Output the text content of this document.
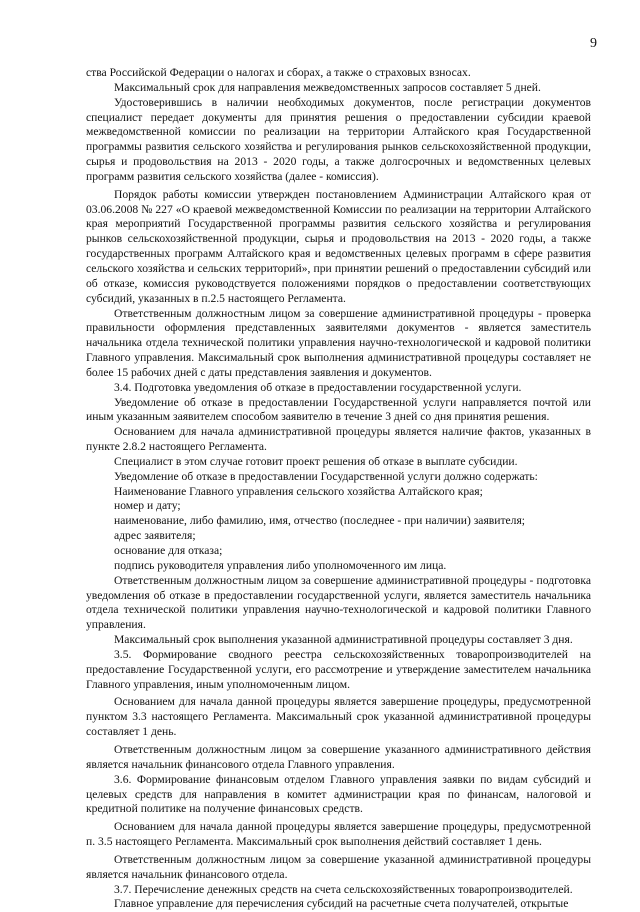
9

ства Российской Федерации о налогах и сборах, а также о страховых взносах.

Максимальный срок для направления межведомственных запросов составляет 5 дней.

Удостоверившись в наличии необходимых документов, после регистрации документов специалист передает документы для принятия решения о предоставлении субсидии краевой межведомственной комиссии по реализации на территории Алтайского края Государственной программы развития сельского хозяйства и регулирования рынков сельскохозяйственной продукции, сырья и продовольствия на 2013 - 2020 годы, а также долгосрочных и ведомственных целевых программ развития сельского хозяйства (далее - комиссия).

Порядок работы комиссии утвержден постановлением Администрации Алтайского края от 03.06.2008 № 227 «О краевой межведомственной Комиссии по реализации на территории Алтайского края мероприятий Государственной программы развития сельского хозяйства и регулирования рынков сельскохозяйственной продукции, сырья и продовольствия на 2013 - 2020 годы, а также государственных программ Алтайского края и ведомственных целевых программ в сфере развития сельского хозяйства и сельских территорий», при принятии решений о предоставлении субсидий или об отказе, комиссия руководствуется положениями порядков о предоставлении соответствующих субсидий, указанных в п.2.5 настоящего Регламента.

Ответственным должностным лицом за совершение административной процедуры - проверка правильности оформления представленных заявителями документов - является заместитель начальника отдела технической политики управления научно-технологической и кадровой политики Главного управления. Максимальный срок выполнения административной процедуры составляет не более 15 рабочих дней с даты представления заявления и документов.

3.4. Подготовка уведомления об отказе в предоставлении государственной услуги.

Уведомление об отказе в предоставлении Государственной услуги направляется почтой или иным указанным заявителем способом заявителю в течение 3 дней со дня принятия решения.

Основанием для начала административной процедуры является наличие фактов, указанных в пункте 2.8.2 настоящего Регламента.

Специалист в этом случае готовит проект решения об отказе в выплате субсидии.

Уведомление об отказе в предоставлении Государственной услуги должно содержать:

Наименование Главного управления сельского хозяйства Алтайского края;

номер и дату;

наименование, либо фамилию, имя, отчество (последнее - при наличии) заявителя;

адрес заявителя;

основание для отказа;

подпись руководителя управления либо уполномоченного им лица.

Ответственным должностным лицом за совершение административной процедуры - подготовка уведомления об отказе в предоставлении государственной услуги, является заместитель начальника отдела технической политики управления научно-технологической и кадровой политики Главного управления.

Максимальный срок выполнения указанной административной процедуры составляет 3 дня.

3.5. Формирование сводного реестра сельскохозяйственных товаропроизводителей на предоставление Государственной услуги, его рассмотрение и утверждение заместителем начальника Главного управления, иным уполномоченным лицом.

Основанием для начала данной процедуры является завершение процедуры, предусмотренной пунктом 3.3 настоящего Регламента. Максимальный срок указанной административной процедуры составляет 1 день.

Ответственным должностным лицом за совершение указанного административного действия является начальник финансового отдела Главного управления.

3.6. Формирование финансовым отделом Главного управления заявки по видам субсидий и целевых средств для направления в комитет администрации края по финансам, налоговой и кредитной политике на получение финансовых средств.

Основанием для начала данной процедуры является завершение процедуры, предусмотренной п. 3.5 настоящего Регламента. Максимальный срок выполнения действий составляет 1 день.

Ответственным должностным лицом за совершение указанной административной процедуры является начальник финансового отдела.

3.7. Перечисление денежных средств на счета сельскохозяйственных товаропроизводителей.

Главное управление для перечисления субсидий на расчетные счета получателей, открытые
